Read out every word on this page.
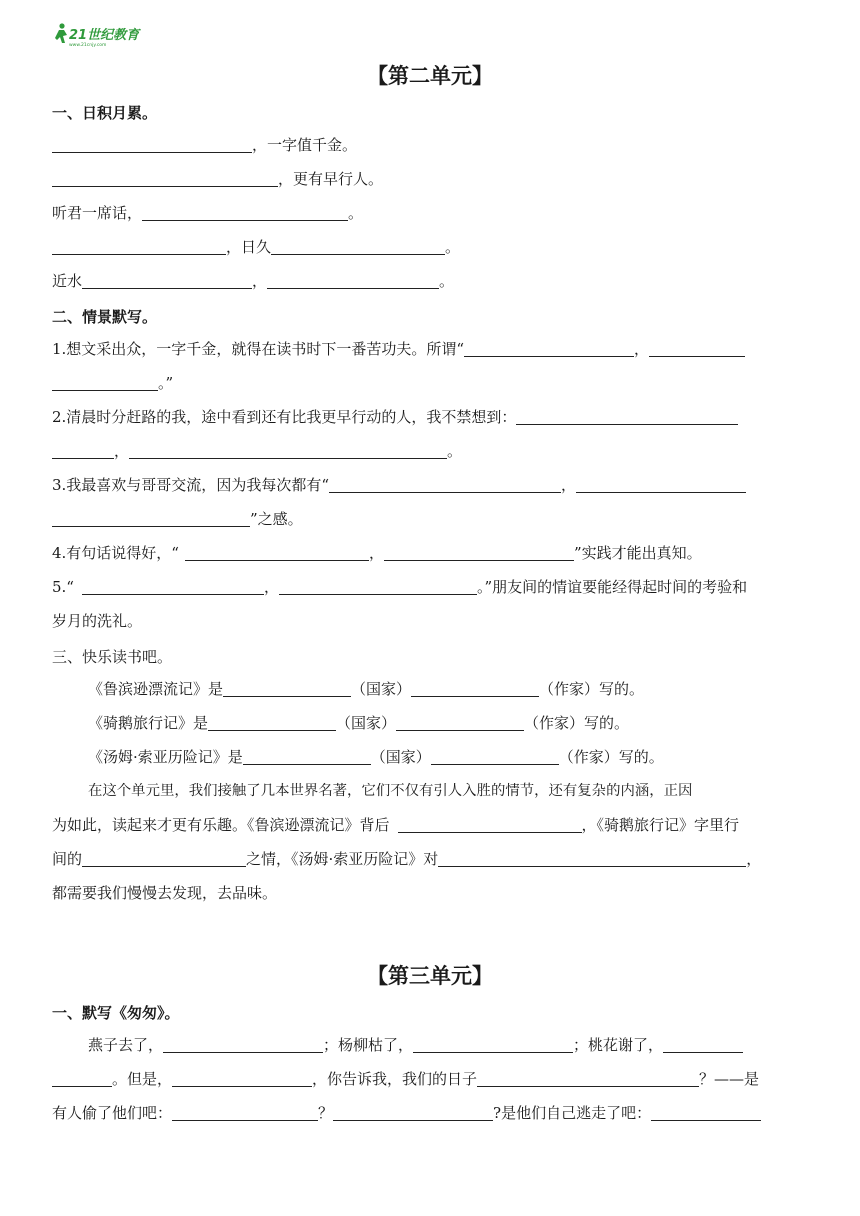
21世纪教育
www.21cnjy.com
【第二单元】
一、日积月累。
，一字值千金。
，更有早行人。
听君一席话，	。
，日久	。
近水	，	。
二、情景默写。
1.想文采出众，一字千金，就得在读书时下一番苦功夫。所谓“	，
。”
2.清晨时分赶路的我，途中看到还有比我更早行动的人，我不禁想到：
，	。
3.我最喜欢与哥哥交流，因为我每次都有“	，
”之感。
4.有句话说得好，“	，	”实践才能出真知。
5.“	，	。”朋友间的情谊要能经得起时间的考验和
岁月的洗礼。
三、快乐读书吧。
《鲁滨逊漂流记》是	（国家）	（作家）写的。
《骑鹅旅行记》是	（国家）	（作家）写的。
《汤姆·索亚历险记》是	（国家）	（作家）写的。
在这个单元里，我们接触了几本世界名著，它们不仅有引人入胜的情节，还有复杂的内涵，正因
为如此，读起来才更有乐趣。《鲁滨逊漂流记》背后	，《骑鹅旅行记》字里行
间的	之情，《汤姆·索亚历险记》对	，
都需要我们慢慢去发现，去品味。
【第三单元】
一、默写《匆匆》。
燕子去了，	；杨柳枯了，	；桃花谢了，
。但是，	，你告诉我，我们的日子	？——是
有人偷了他们吧：	？	?是他们自己逃走了吧：
